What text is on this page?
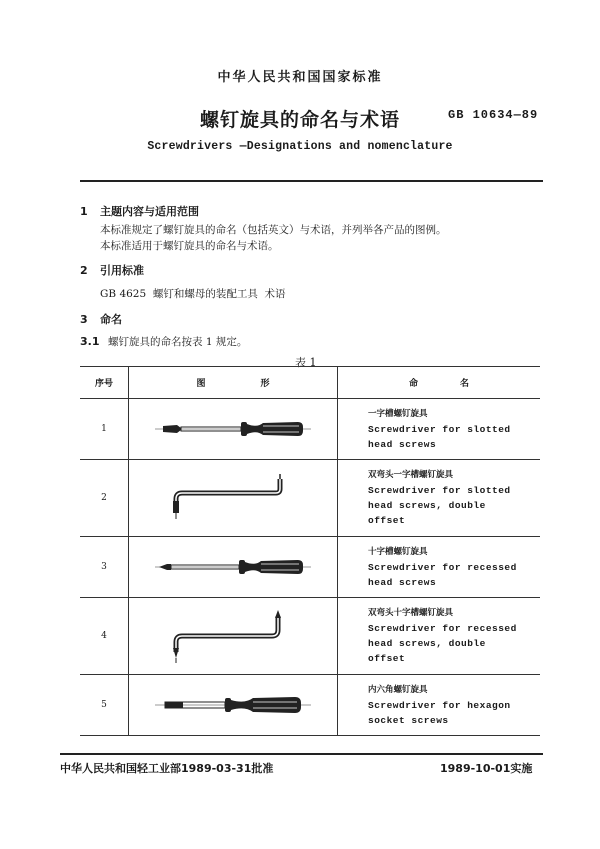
中华人民共和国国家标准
螺钉旋具的命名与术语	GB 10634—89
Screwdrivers —Designations and nomenclature
1 主题内容与适用范围
本标准规定了螺钉旋具的命名（包括英文）与术语，并列举各产品的图例。
本标准适用于螺钉旋具的命名与术语。
2 引用标准
GB 4625  螺钉和螺母的装配工具  术语
3 命名
3.1 螺钉旋具的命名按表 1 规定。
表 1
序号	图 形	命 名

1		一字槽螺钉旋具
Screwdriver for slotted
head screws

2		双弯头一字槽螺钉旋具
Screwdriver for slotted
head screws, double
offset

3		十字槽螺钉旋具
Screwdriver for recessed
head screws

4		双弯头十字槽螺钉旋具
Screwdriver for recessed
head screws, double
offset

5		内六角螺钉旋具
Screwdriver for hexagon
socket screws
中华人民共和国轻工业部1989-03-31批准	1989-10-01实施
